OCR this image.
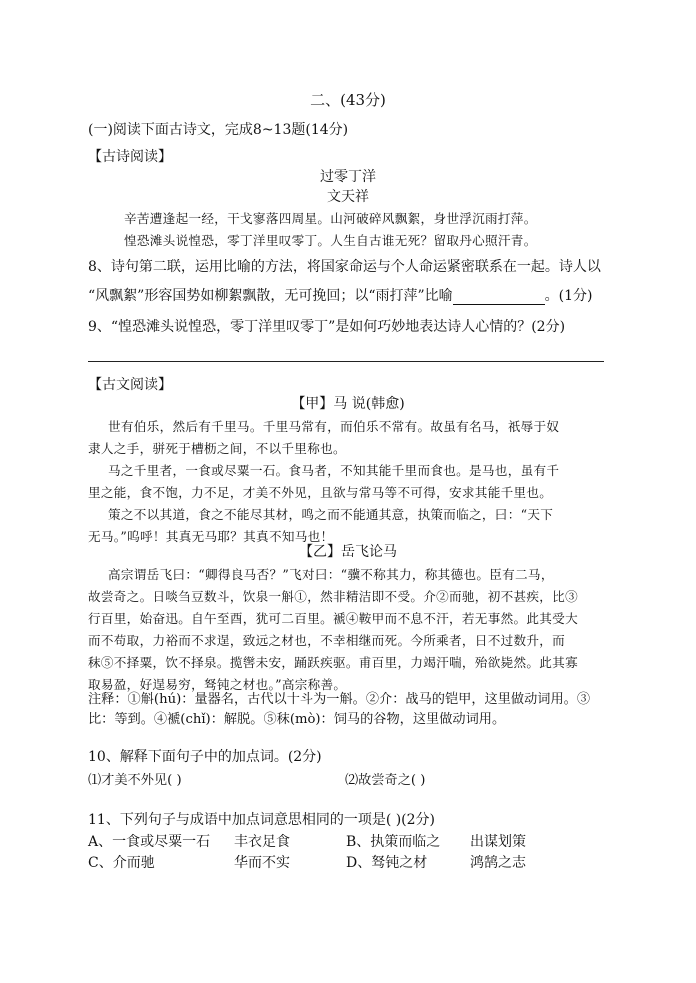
二、(43分)
(一)阅读下面古诗文，完成8~13题(14分)
【古诗阅读】
过零丁洋
文天祥
辛苦遭逢起一经，干戈寥落四周星。山河破碎风飘絮，身世浮沉雨打萍。
惶恐滩头说惶恐，零丁洋里叹零丁。人生自古谁无死？留取丹心照汗青。
8、诗句第二联，运用比喻的方法，将国家命运与个人命运紧密联系在一起。诗人以
“风飘絮”形容国势如柳絮飘散，无可挽回；以“雨打萍”比喻	。(1分)
9、“惶恐滩头说惶恐，零丁洋里叹零丁”是如何巧妙地表达诗人心情的？(2分)
【古文阅读】
【甲】马 说(韩愈)
世有伯乐，然后有千里马。千里马常有，而伯乐不常有。故虽有名马，祇辱于奴
隶人之手，骈死于槽枥之间，不以千里称也。
马之千里者，一食或尽粟一石。食马者，不知其能千里而食也。是马也，虽有千
里之能，食不饱，力不足，才美不外见，且欲与常马等不可得，安求其能千里也。
策之不以其道，食之不能尽其材，鸣之而不能通其意，执策而临之，曰：“天下
无马。”呜呼！其真无马耶？其真不知马也！
【乙】岳飞论马
高宗谓岳飞曰：“卿得良马否？”飞对曰：“骥不称其力，称其德也。臣有二马，
故尝奇之。日啖刍豆数斗，饮泉一斛①，然非精洁即不受。介②而驰，初不甚疾，比③
行百里，始奋迅。自午至酉，犹可二百里。褫④鞍甲而不息不汗，若无事然。此其受大
而不苟取，力裕而不求逞，致远之材也，不幸相继而死。今所乘者，日不过数升，而
秣⑤不择粟，饮不择泉。揽辔未安，踊跃疾驱。甫百里，力竭汗喘，殆欲毙然。此其寡
取易盈，好逞易穷，驽钝之材也。”高宗称善。
注释：①斛(hú)：量器名，古代以十斗为一斛。②介：战马的铠甲，这里做动词用。③
比：等到。④褫(chǐ)：解脱。⑤秣(mò)：饲马的谷物，这里做动词用。
10、解释下面句子中的加点词。(2分)
⑴才美不外见( )	⑵故尝奇之( )
11、下列句子与成语中加点词意思相同的一项是( )(2分)
A、一食或尽粟一石 丰衣足食	B、执策而临之 出谋划策
C、介而驰	华而不实	D、驽钝之材	鸿鹄之志
